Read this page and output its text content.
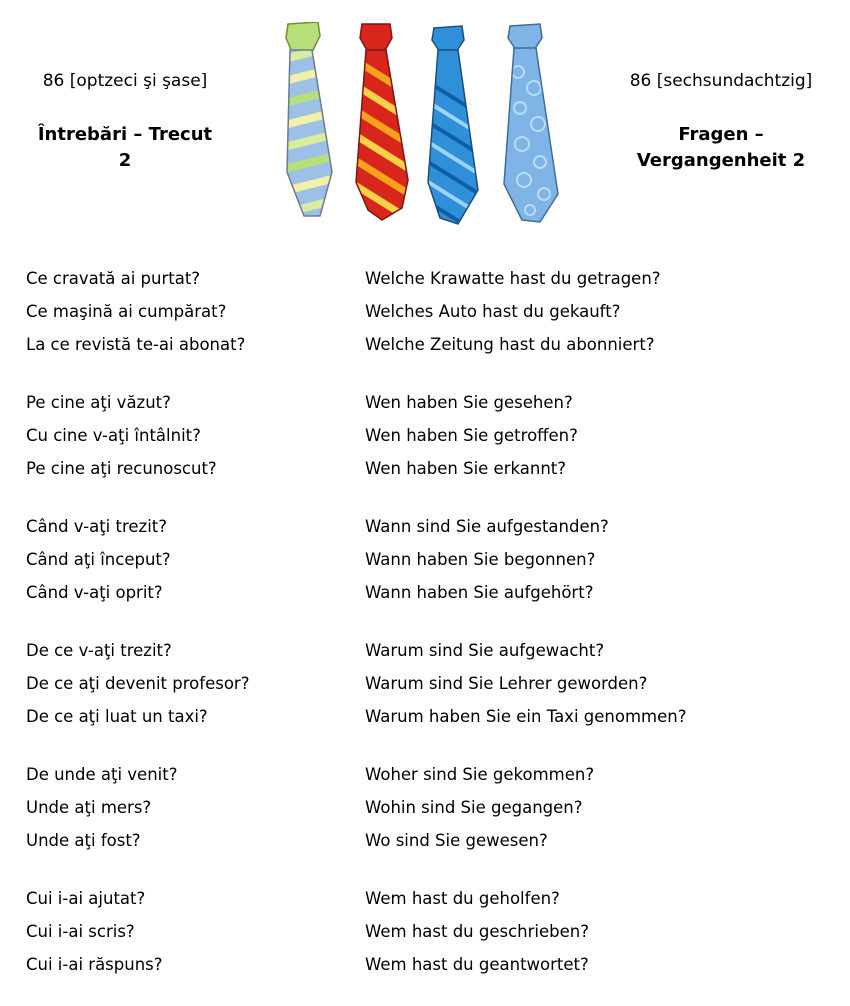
86 [optzeci şi şase]
Întrebări – Trecut
2
86 [sechsundachtzig]
Fragen –
Vergangenheit 2
Ce cravată ai purtat?	Welche Krawatte hast du getragen?
Ce maşină ai cumpărat?	Welches Auto hast du gekauft?
La ce revistă te-ai abonat?	Welche Zeitung hast du abonniert?
Pe cine aţi văzut?	Wen haben Sie gesehen?
Cu cine v-aţi întâlnit?	Wen haben Sie getroffen?
Pe cine aţi recunoscut?	Wen haben Sie erkannt?
Când v-aţi trezit?	Wann sind Sie aufgestanden?
Când aţi început?	Wann haben Sie begonnen?
Când v-aţi oprit?	Wann haben Sie aufgehört?
De ce v-aţi trezit?	Warum sind Sie aufgewacht?
De ce aţi devenit profesor?	Warum sind Sie Lehrer geworden?
De ce aţi luat un taxi?	Warum haben Sie ein Taxi genommen?
De unde aţi venit?	Woher sind Sie gekommen?
Unde aţi mers?	Wohin sind Sie gegangen?
Unde aţi fost?	Wo sind Sie gewesen?
Cui i-ai ajutat?	Wem hast du geholfen?
Cui i-ai scris?	Wem hast du geschrieben?
Cui i-ai răspuns?	Wem hast du geantwortet?
